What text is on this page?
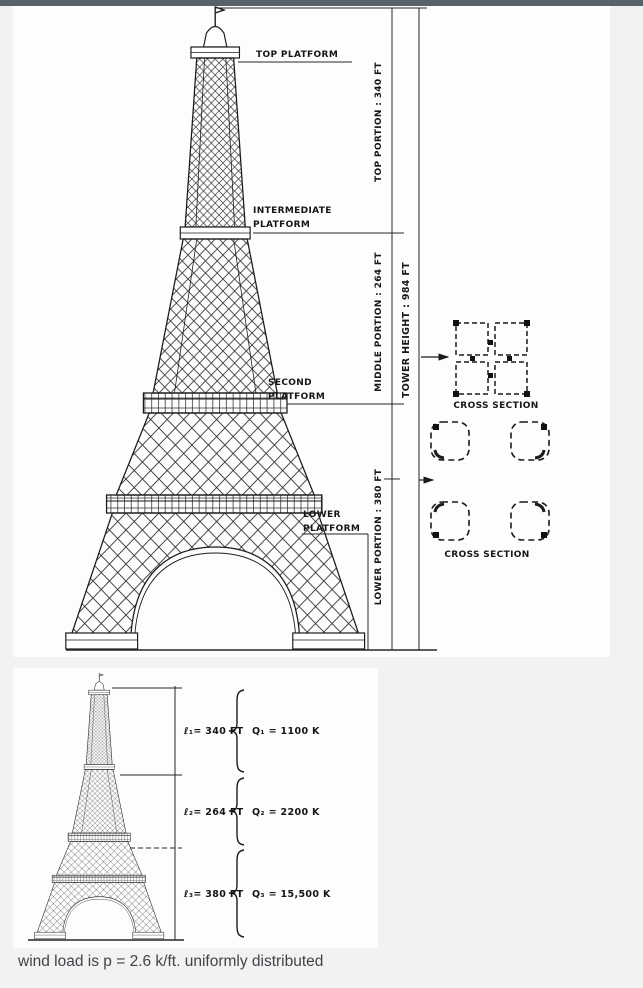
TOP PLATFORM
INTERMEDIATE
PLATFORM
SECOND
PLATFORM
LOWER
PLATFORM
TOP PORTION : 340 FT
MIDDLE PORTION : 264 FT
LOWER PORTION : 380 FT
TOWER HEIGHT : 984 FT
CROSS SECTION
CROSS SECTION
ℓ₁= 340 FT Q₁ = 1100 K
ℓ₂= 264 FT Q₂ = 2200 K
ℓ₃= 380 FT Q₃ = 15,500 K
wind load is p = 2.6 k/ft. uniformly distributed
